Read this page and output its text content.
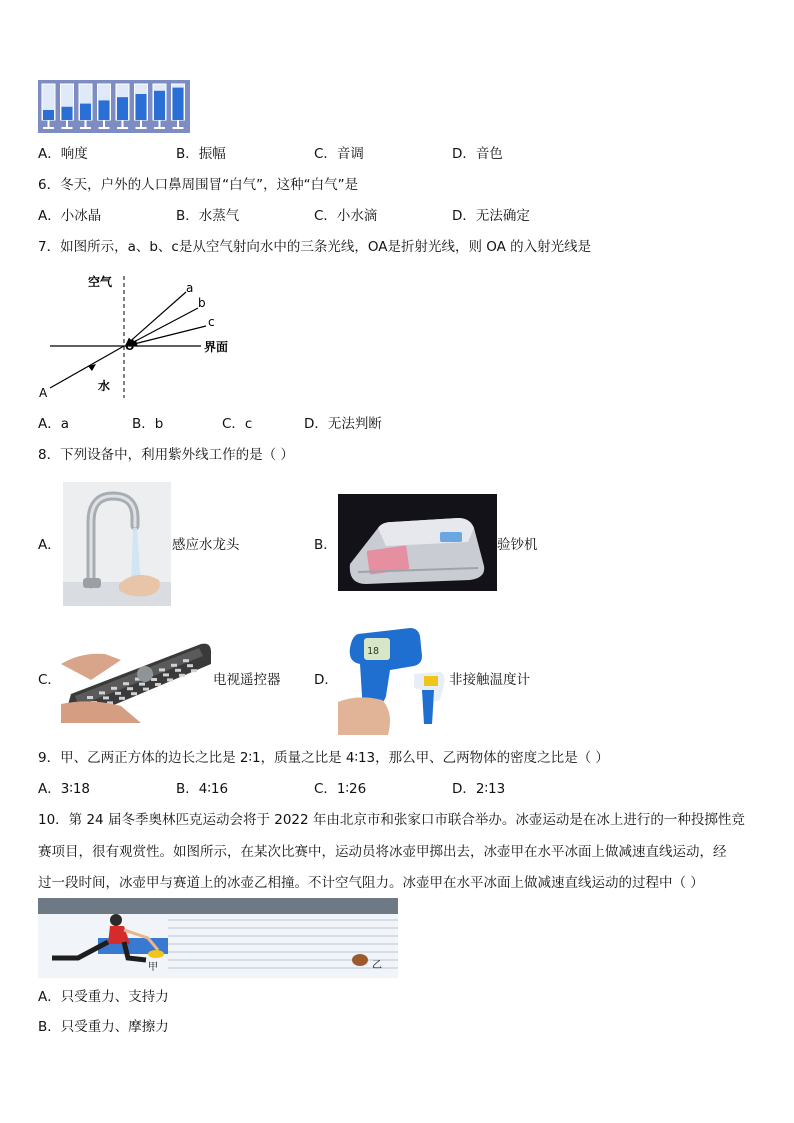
A．响度	B．振幅	C．音调	D．音色
6．冬天，户外的人口鼻周围冒“白气”，这种“白气”是
A．小冰晶	B．水蒸气	C．小水滴	D．无法确定
7．如图所示，a、b、c是从空气射向水中的三条光线，OA是折射光线，则 OA 的入射光线是
空气
水
界面
O
a
b
c
A
A．a	B．b	C．c	D．无法判断
8．下列设备中，利用紫外线工作的是（ ）
A．	感应水龙头	B．	验钞机
C．	电视遥控器 D．
18
非接触温度计
9．甲、乙两正方体的边长之比是 2∶1，质量之比是 4∶13，那么甲、乙两物体的密度之比是（ ）
A．3∶18	B．4∶16	C．1∶26	D．2∶13
10．第 24 届冬季奥林匹克运动会将于 2022 年由北京市和张家口市联合举办。冰壶运动是在冰上进行的一种投掷性竞
赛项目，很有观赏性。如图所示，在某次比赛中，运动员将冰壶甲掷出去，冰壶甲在水平冰面上做减速直线运动，经
过一段时间，冰壶甲与赛道上的冰壶乙相撞。不计空气阻力。冰壶甲在水平冰面上做减速直线运动的过程中（ ）
甲	乙
A．只受重力、支持力
B．只受重力、摩擦力
